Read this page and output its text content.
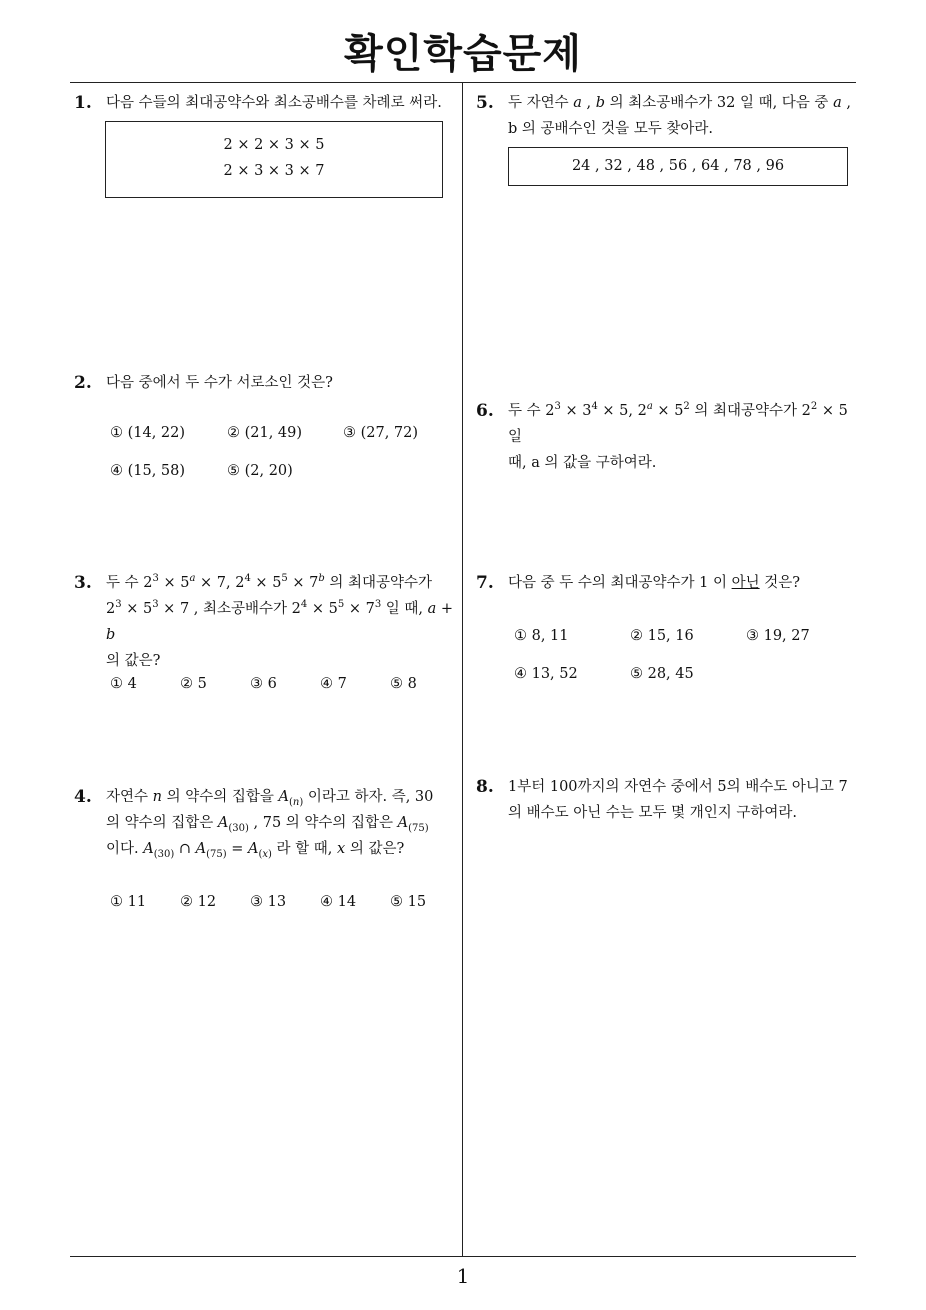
확인학습문제
1
1. 다음 수들의 최대공약수와 최소공배수를 차례로 써라.
2 × 2 × 3 × 5
2 × 3 × 3 × 7
2. 다음 중에서 두 수가 서로소인 것은?
① (14, 22)	② (21, 49)	③ (27, 72)
④ (15, 58)	⑤ (2, 20)
3. 두 수 $2^3 \times 5^a \times 7$, $2^4 \times 5^5 \times 7^b$ 의 최대공약수가
$2^3 \times 5^3 \times 7$ , 최소공배수가 $2^4 \times 5^5 \times 7^3$ 일 때, a + b
의 값은?
① 4	② 5	③ 6	④ 7	⑤ 8
4. 자연수 n 의 약수의 집합을 $A_{(n)}$ 이라고 하자. 즉, 30
의 약수의 집합은 $A_{(30)}$ , 75 의 약수의 집합은 $A_{(75)}$
이다. $A_{(30)}$ ∩ $A_{(75)} = A_{(x)}$ 라 할 때, x 의 값은?
① 11 ② 12 ③ 13 ④ 14 ⑤ 15
5. 두 자연수 a , b 의 최소공배수가 32 일 때, 다음 중 a ,
b 의 공배수인 것을 모두 찾아라.
24 , 32 , 48 , 56 , 64 , 78 , 96
6. 두 수 $2^3 \times 3^4 \times 5$, $2^a \times 5^2$ 의 최대공약수가 $2^2 \times 5$ 일
때, a 의 값을 구하여라.
7. 다음 중 두 수의 최대공약수가 1 이 아닌 것은?
① 8, 11	② 15, 16	③ 19, 27
④ 13, 52	⑤ 28, 45
8. 1부터 100까지의 자연수 중에서 5의 배수도 아니고 7
의 배수도 아닌 수는 모두 몇 개인지 구하여라.
